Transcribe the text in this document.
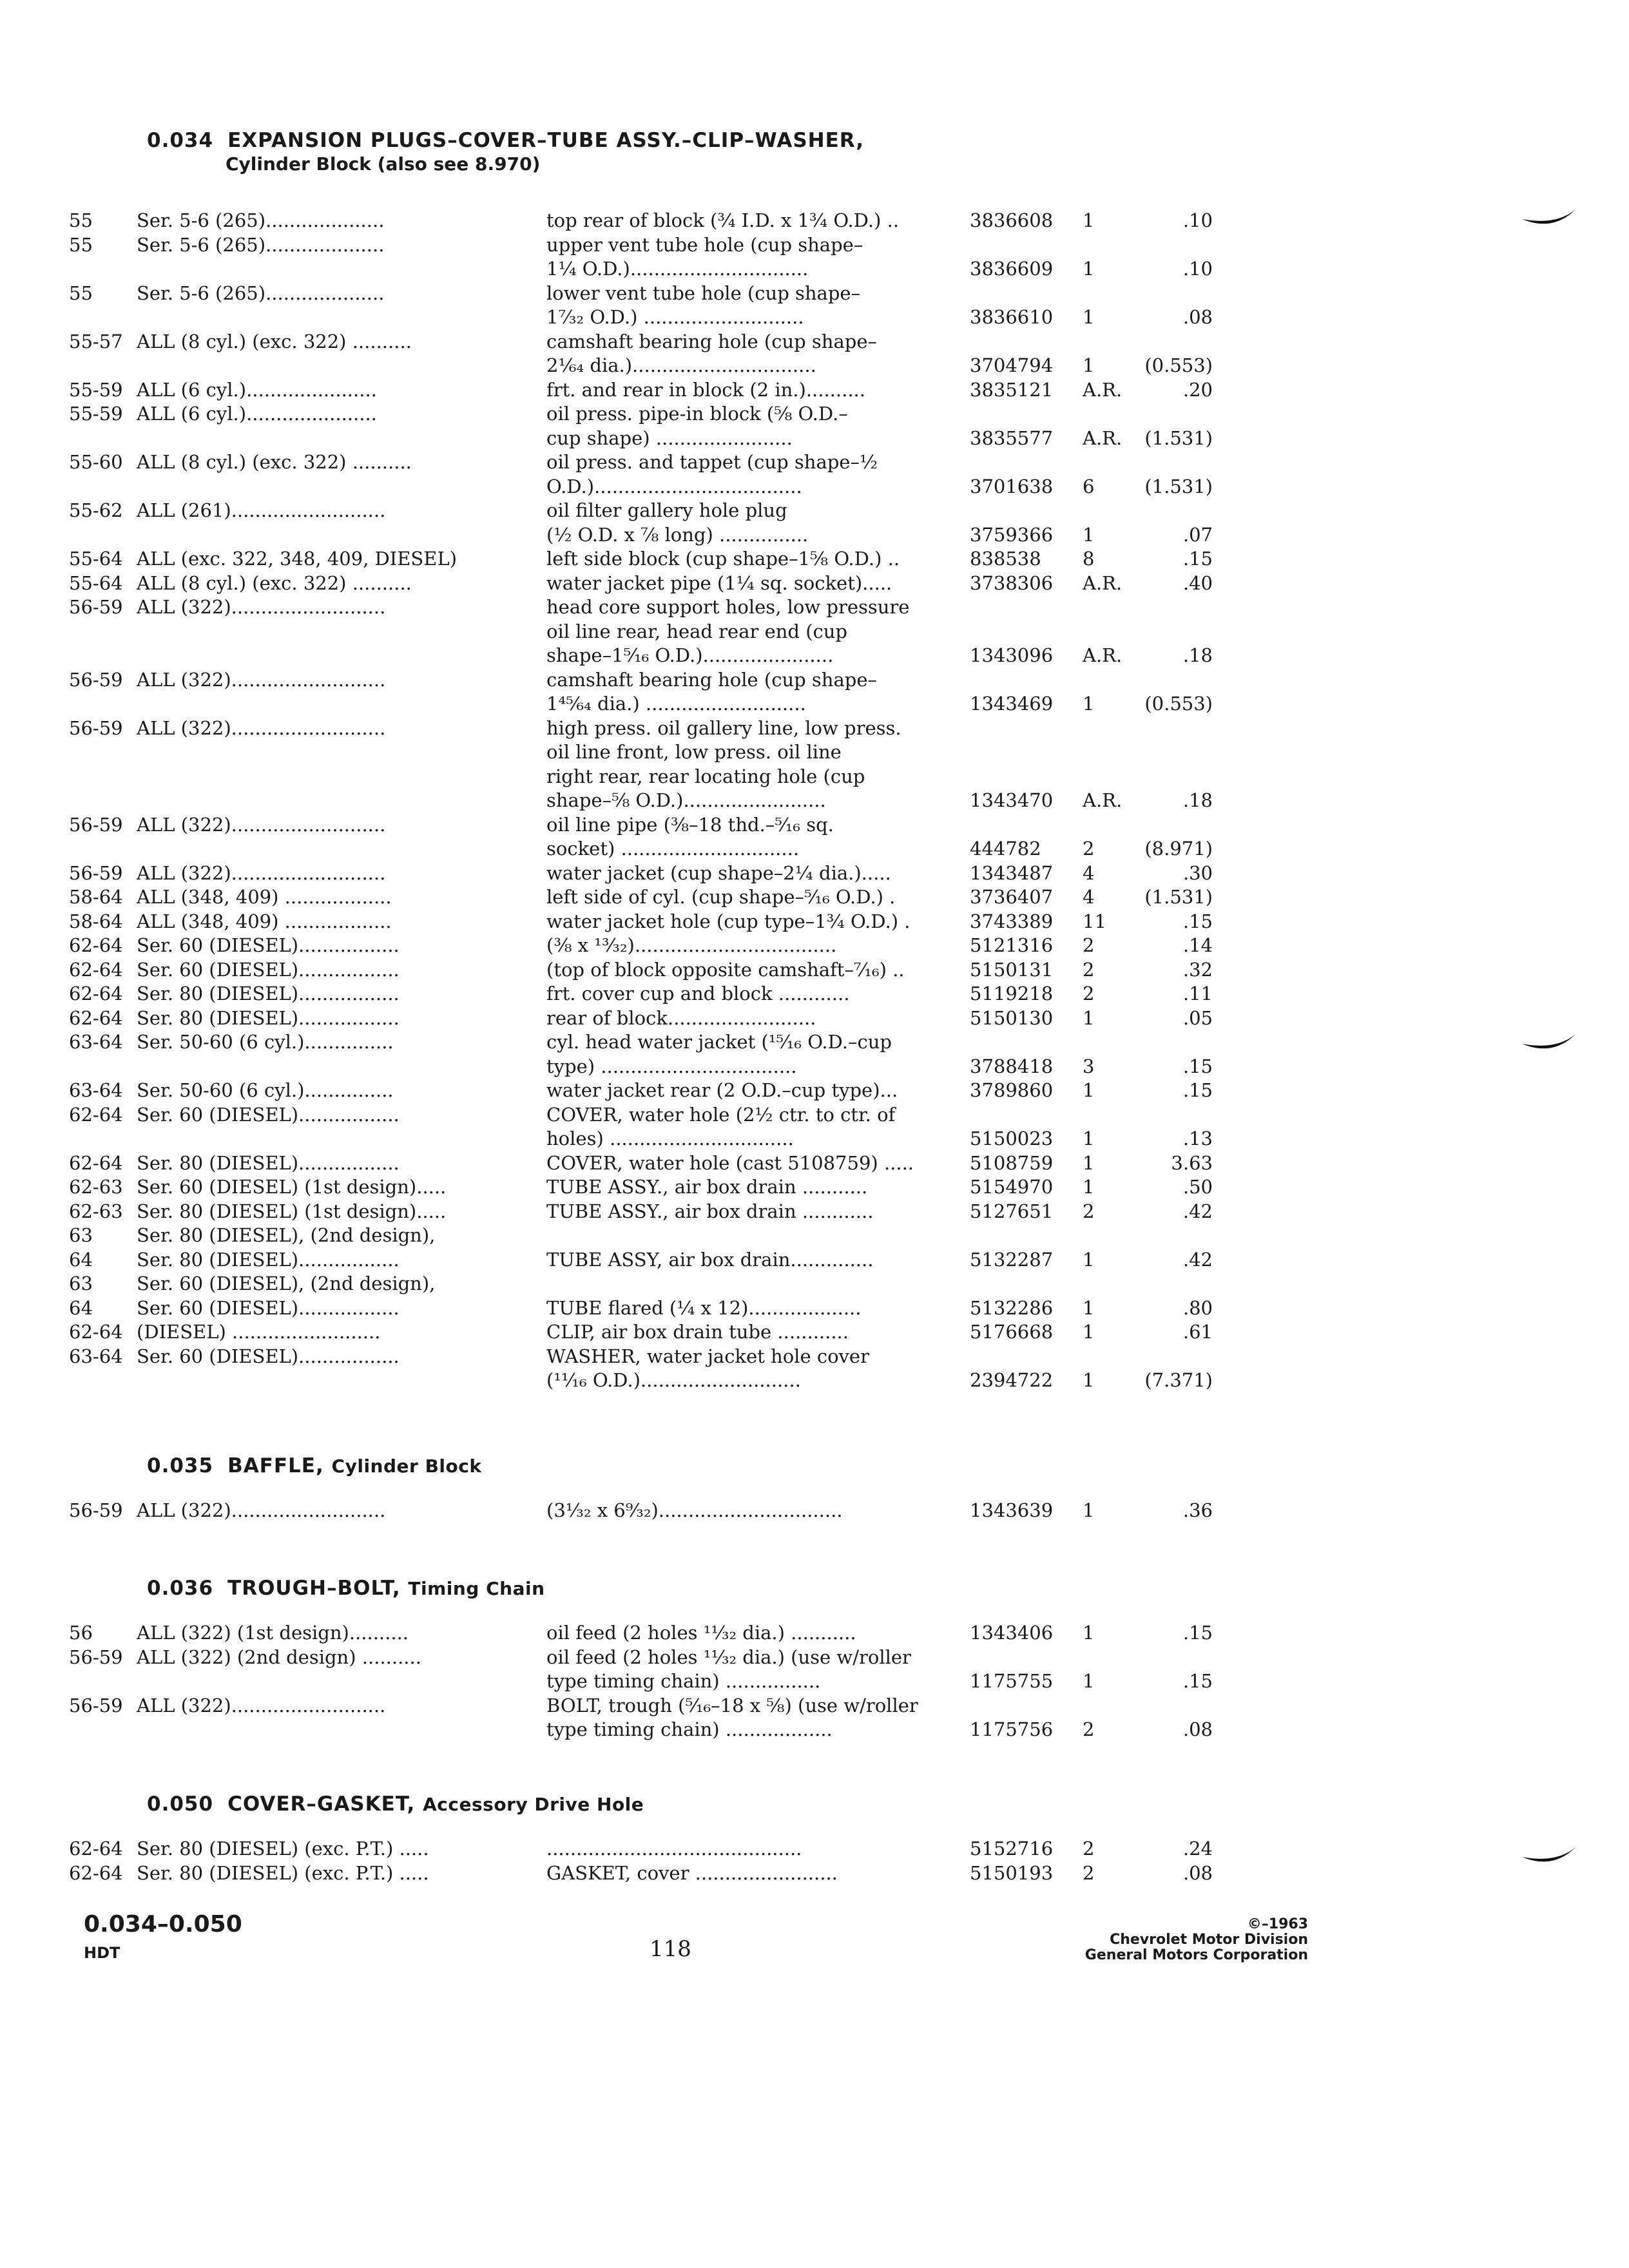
0.034 EXPANSION PLUGS–COVER–TUBE ASSY.–CLIP–WASHER,
Cylinder Block (also see 8.970)
55 Ser. 5-6 (265)....................	top rear of block (¾ I.D. x 1¾ O.D.) ..	3836608 1	.10
55 Ser. 5-6 (265)....................	upper vent tube hole (cup shape–
1¼ O.D.)..............................	3836609 1	.10
55 Ser. 5-6 (265)....................	lower vent tube hole (cup shape–
1⁷⁄₃₂ O.D.) ...........................	3836610 1	.08
55-57 ALL (8 cyl.) (exc. 322) ..........	camshaft bearing hole (cup shape–
2¹⁄₆₄ dia.)...............................	3704794 1	(0.553)
55-59 ALL (6 cyl.)......................	frt. and rear in block (2 in.)..........	3835121 A.R.	.20
55-59 ALL (6 cyl.)......................	oil press. pipe-in block (⅝ O.D.–
cup shape) .......................	3835577 A.R.	(1.531)
55-60 ALL (8 cyl.) (exc. 322) ..........	oil press. and tappet (cup shape–½
O.D.)...................................	3701638 6	(1.531)
55-62 ALL (261)..........................	oil filter gallery hole plug
(½ O.D. x ⅞ long) ...............	3759366 1	.07
55-64 ALL (exc. 322, 348, 409, DIESEL)	left side block (cup shape–1⅝ O.D.) ..	838538 8	.15
55-64 ALL (8 cyl.) (exc. 322) ..........	water jacket pipe (1¼ sq. socket).....	3738306 A.R.	.40
56-59 ALL (322)..........................	head core support holes, low pressure
oil line rear, head rear end (cup
shape–1⁵⁄₁₆ O.D.)......................	1343096 A.R.	.18
56-59 ALL (322)..........................	camshaft bearing hole (cup shape–
1⁴⁵⁄₆₄ dia.) ...........................	1343469 1	(0.553)
56-59 ALL (322)..........................	high press. oil gallery line, low press.
oil line front, low press. oil line
right rear, rear locating hole (cup
shape–⅝ O.D.)........................	1343470 A.R.	.18
56-59 ALL (322)..........................	oil line pipe (⅜–18 thd.–⁵⁄₁₆ sq.
socket) ..............................	444782 2	(8.971)
56-59 ALL (322)..........................	water jacket (cup shape–2¼ dia.).....	1343487 4	.30
58-64 ALL (348, 409) ..................	left side of cyl. (cup shape–⁵⁄₁₆ O.D.) .	3736407 4	(1.531)
58-64 ALL (348, 409) ..................	water jacket hole (cup type–1¾ O.D.) .	3743389 11	.15
62-64 Ser. 60 (DIESEL).................	(⅜ x ¹³⁄₃₂)..................................	5121316 2	.14
62-64 Ser. 60 (DIESEL).................	(top of block opposite camshaft–⁷⁄₁₆) ..	5150131 2	.32
62-64 Ser. 80 (DIESEL).................	frt. cover cup and block ............	5119218 2	.11
62-64 Ser. 80 (DIESEL).................	rear of block.........................	5150130 1	.05
63-64 Ser. 50-60 (6 cyl.)...............	cyl. head water jacket (¹⁵⁄₁₆ O.D.–cup
type) .................................	3788418 3	.15
63-64 Ser. 50-60 (6 cyl.)...............	water jacket rear (2 O.D.–cup type)...	3789860 1	.15
62-64 Ser. 60 (DIESEL).................	COVER, water hole (2½ ctr. to ctr. of
holes) ...............................	5150023 1	.13
62-64 Ser. 80 (DIESEL).................	COVER, water hole (cast 5108759) .....	5108759 1	3.63
62-63 Ser. 60 (DIESEL) (1st design).....	TUBE ASSY., air box drain ...........	5154970 1	.50
62-63 Ser. 80 (DIESEL) (1st design).....	TUBE ASSY., air box drain ............	5127651 2	.42
63 Ser. 80 (DIESEL), (2nd design),
64 Ser. 80 (DIESEL).................	TUBE ASSY, air box drain..............	5132287 1	.42
63 Ser. 60 (DIESEL), (2nd design),
64 Ser. 60 (DIESEL).................	TUBE flared (¼ x 12)...................	5132286 1	.80
62-64 (DIESEL) .........................	CLIP, air box drain tube ............	5176668 1	.61
63-64 Ser. 60 (DIESEL).................	WASHER, water jacket hole cover
(¹¹⁄₁₆ O.D.)...........................	2394722 1	(7.371)
0.035 BAFFLE, Cylinder Block
56-59 ALL (322)..........................	(3¹⁄₃₂ x 6⁹⁄₃₂)...............................	1343639 1	.36
0.036 TROUGH–BOLT, Timing Chain
56 ALL (322) (1st design)..........	oil feed (2 holes ¹¹⁄₃₂ dia.) ...........	1343406 1	.15
56-59 ALL (322) (2nd design) ..........	oil feed (2 holes ¹¹⁄₃₂ dia.) (use w/roller
type timing chain) ................	1175755 1	.15
56-59 ALL (322)..........................	BOLT, trough (⁵⁄₁₆–18 x ⅝) (use w/roller
type timing chain) ..................	1175756 2	.08
0.050 COVER–GASKET, Accessory Drive Hole
62-64 Ser. 80 (DIESEL) (exc. P.T.) .....	...........................................	5152716 2	.24
62-64 Ser. 80 (DIESEL) (exc. P.T.) .....	GASKET, cover ........................	5150193 2	.08
0.034–0.050
HDT	118
©–1963
Chevrolet Motor Division
General Motors Corporation
